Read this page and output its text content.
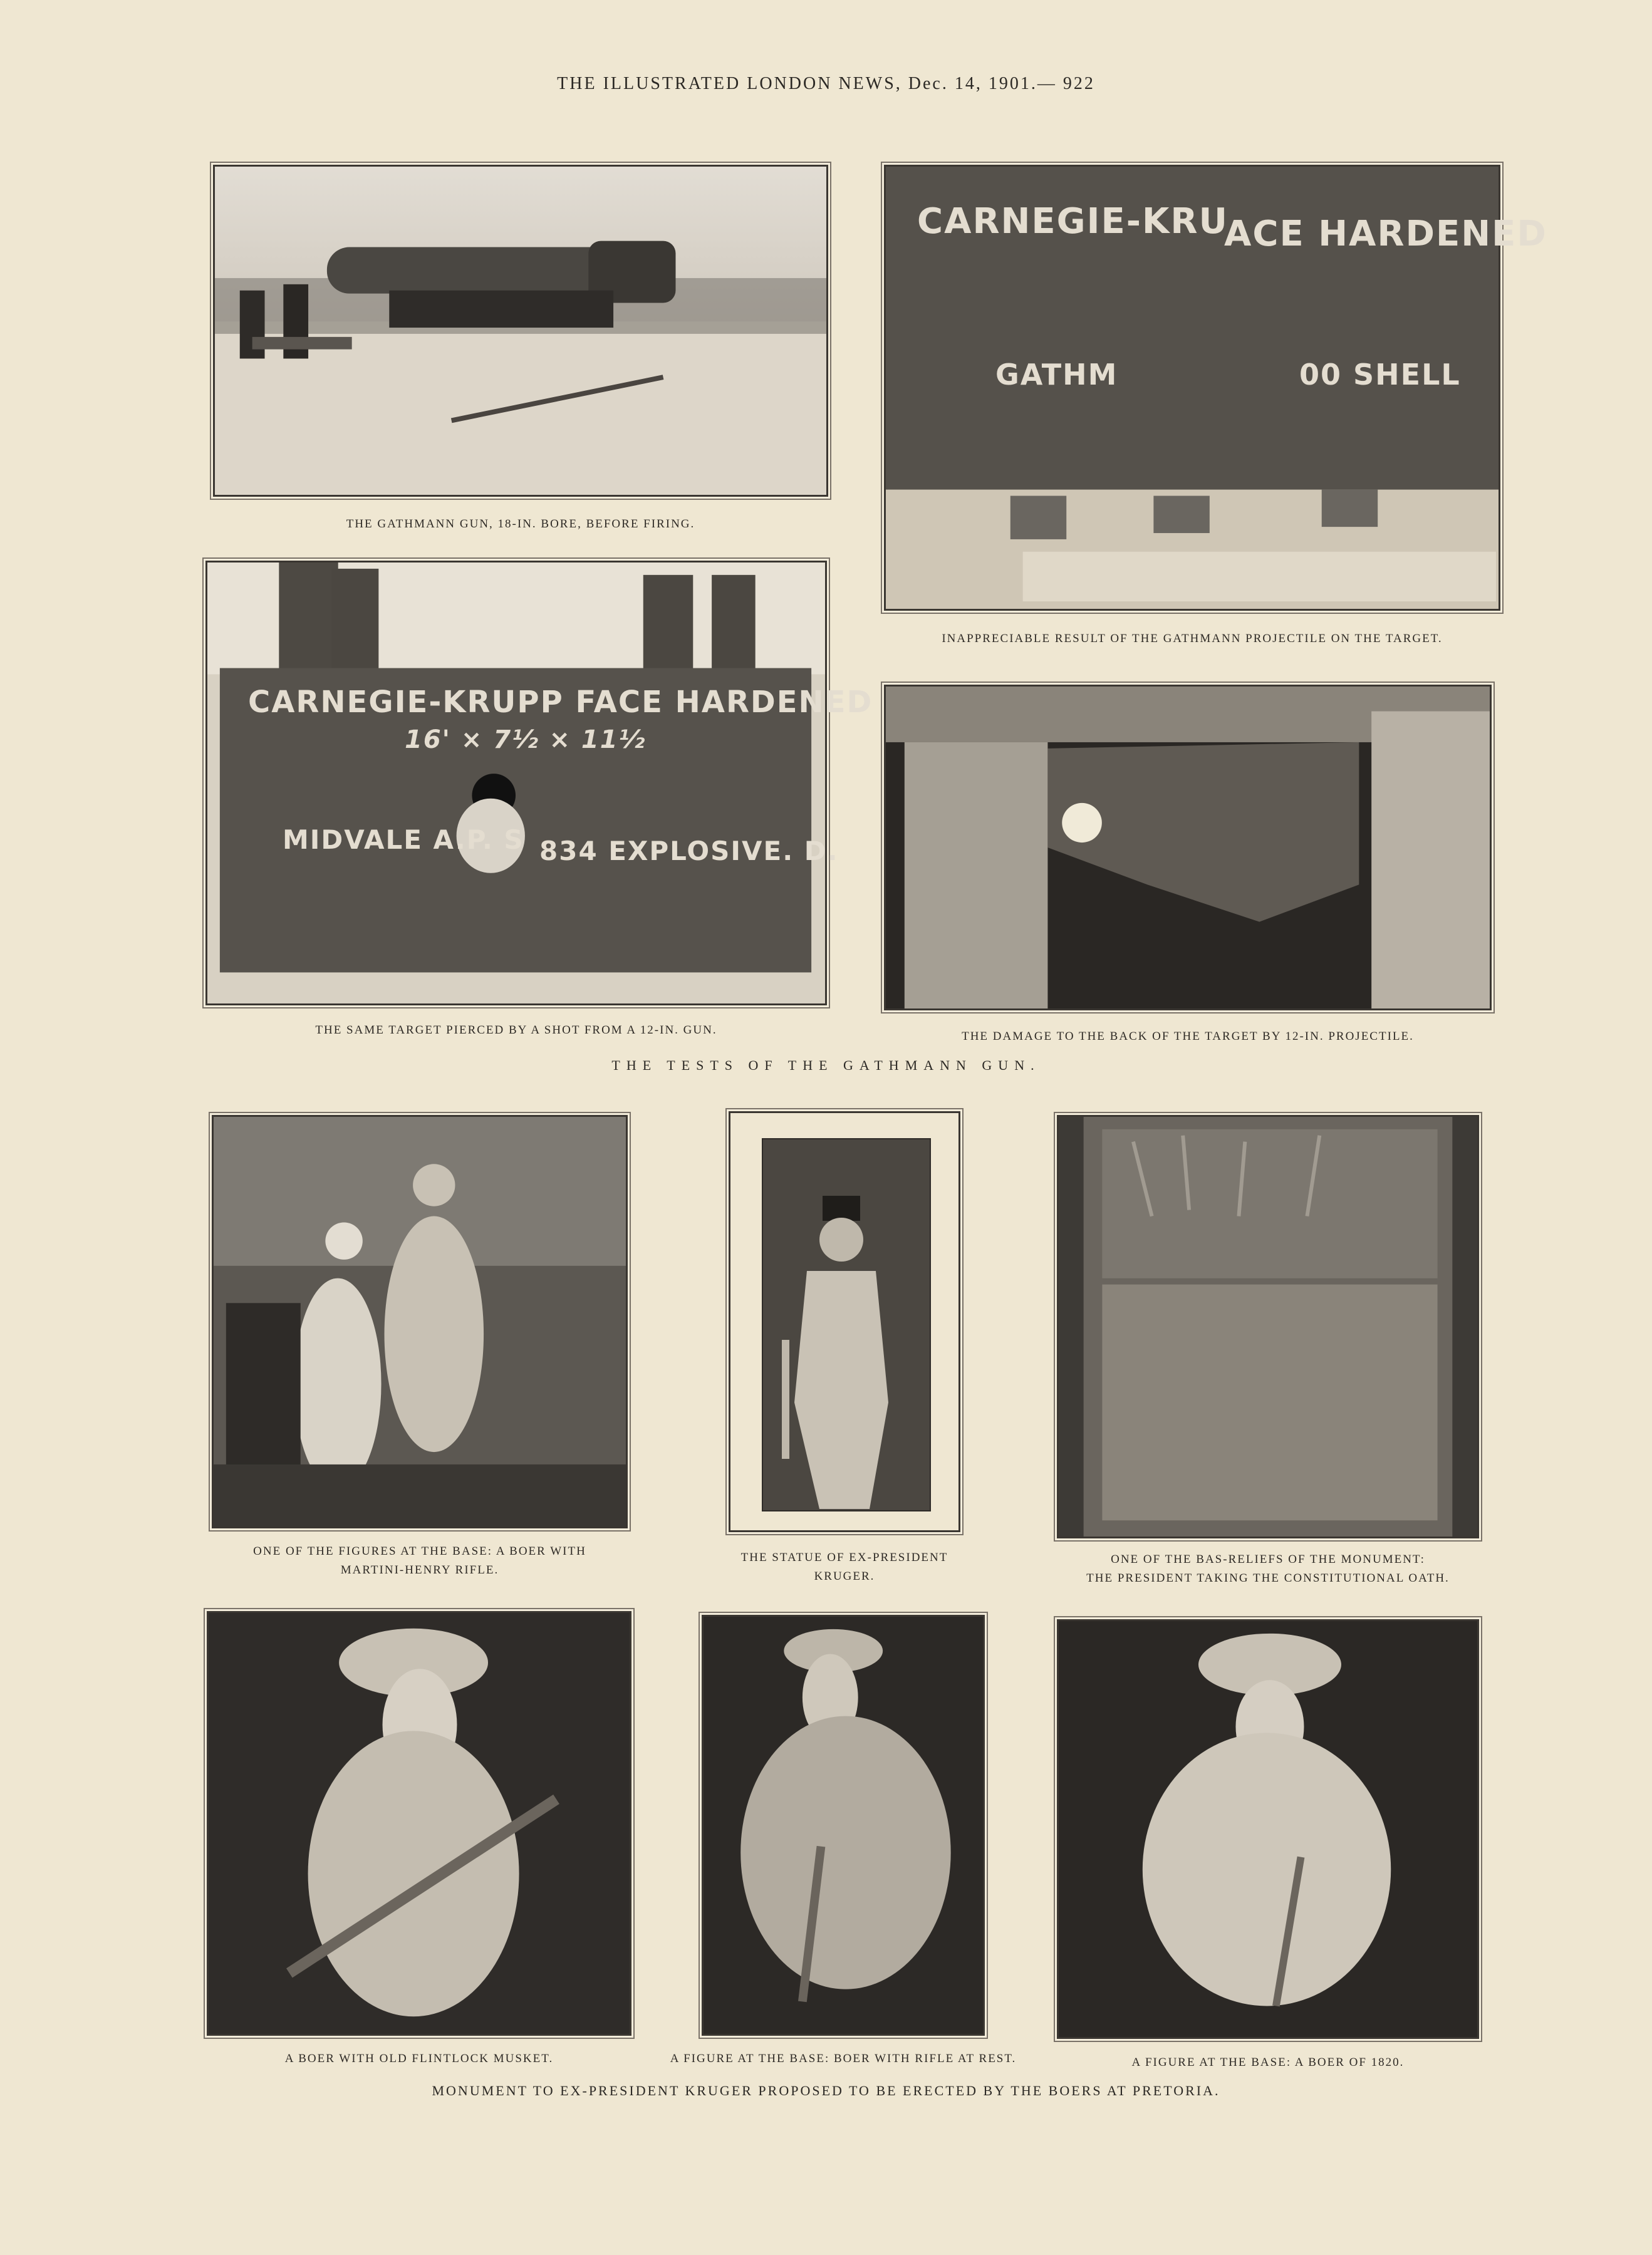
THE ILLUSTRATED LONDON NEWS, Dec. 14, 1901.— 922
THE GATHMANN GUN, 18-IN. BORE, BEFORE FIRING.
CARNEGIE-KRU
ACE HARDENED
GATHM	00 SHELL
INAPPRECIABLE RESULT OF THE GATHMANN PROJECTILE ON THE TARGET.
CARNEGIE-KRUPP FACE HARDENED
16' × 7½ × 11½
MIDVALE A.P. S 834 EXPLOSIVE. D.
THE SAME TARGET PIERCED BY A SHOT FROM A 12-IN. GUN.	THE DAMAGE TO THE BACK OF THE TARGET BY 12-IN. PROJECTILE.
THE TESTS OF THE GATHMANN GUN.
ONE OF THE FIGURES AT THE BASE: A BOER WITH
MARTINI-HENRY RIFLE.
THE STATUE OF EX-PRESIDENT
KRUGER.
ONE OF THE BAS-RELIEFS OF THE MONUMENT:
THE PRESIDENT TAKING THE CONSTITUTIONAL OATH.
A BOER WITH OLD FLINTLOCK MUSKET.	A FIGURE AT THE BASE: BOER WITH RIFLE AT REST.	A FIGURE AT THE BASE: A BOER OF 1820.
MONUMENT TO EX-PRESIDENT KRUGER PROPOSED TO BE ERECTED BY THE BOERS AT PRETORIA.
